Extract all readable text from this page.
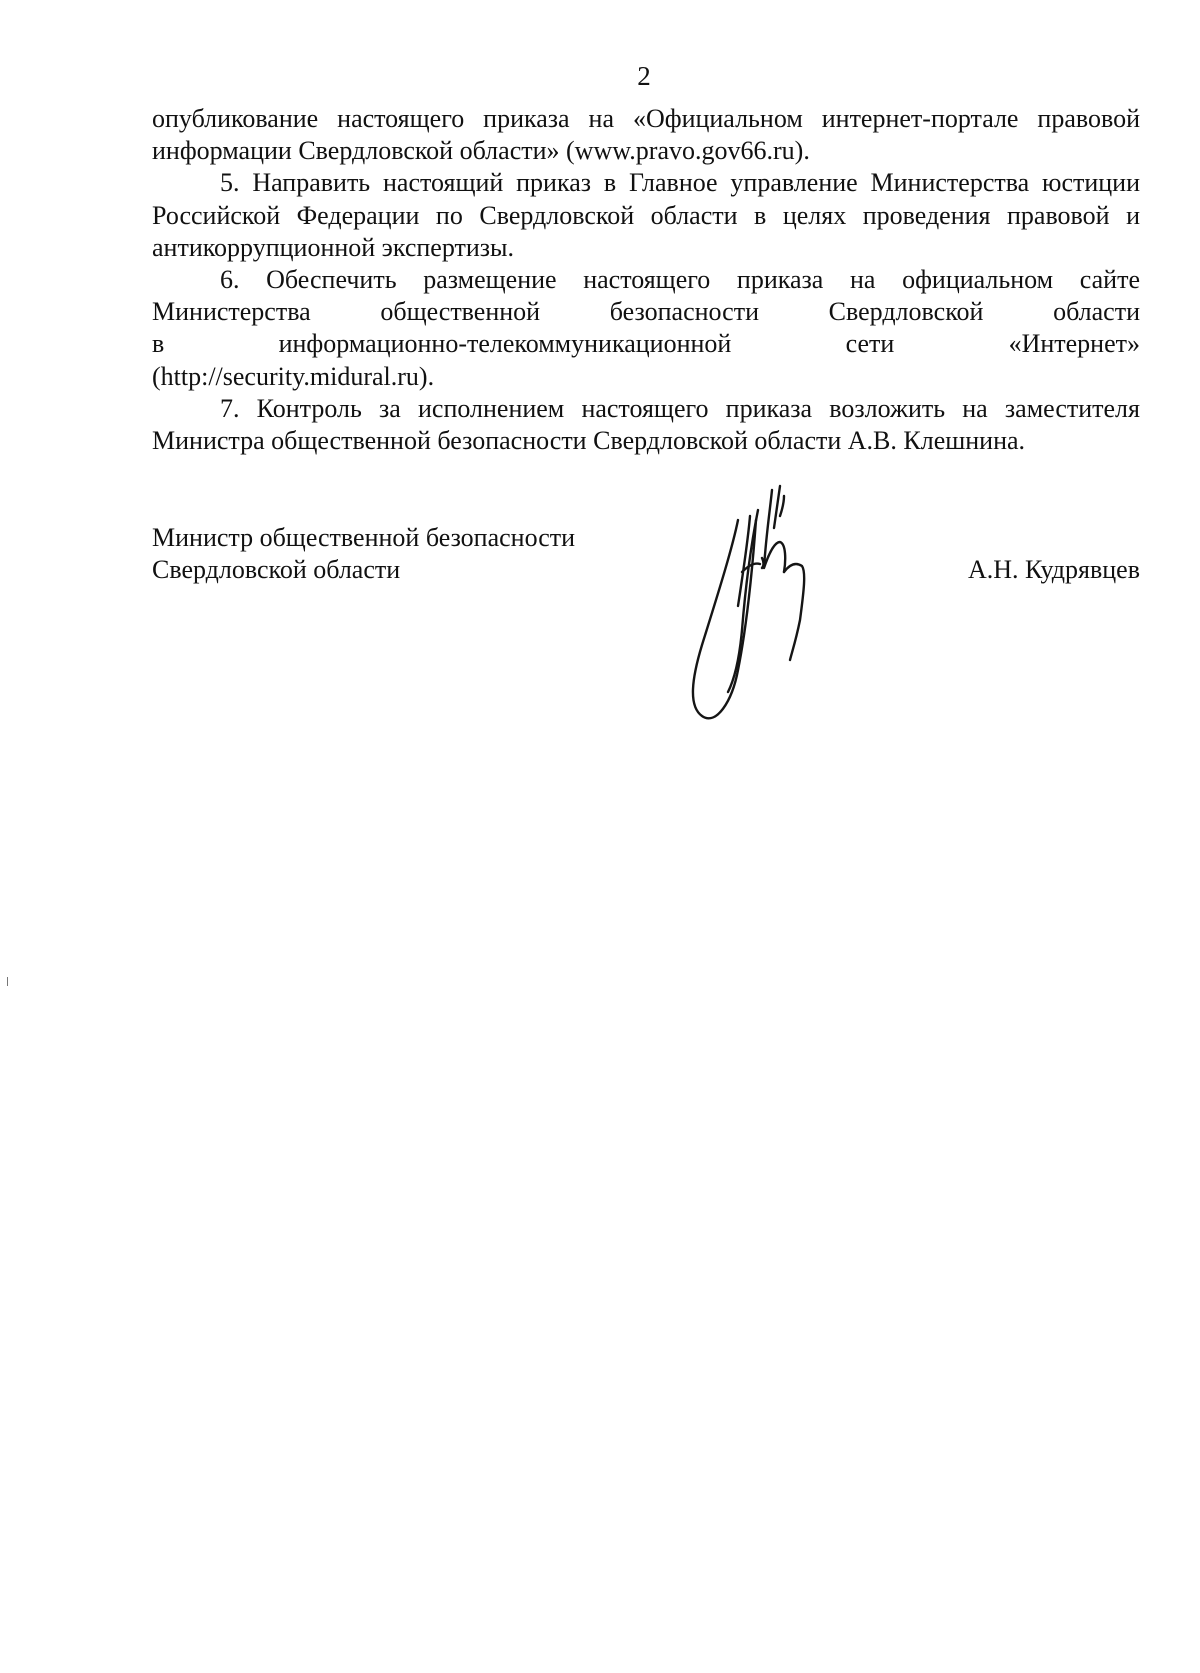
2

опубликование настоящего приказа на «Официальном интернет-портале правовой информации Свердловской области» (www.pravo.gov66.ru).

5. Направить настоящий приказ в Главное управление Министерства юстиции Российской Федерации по Свердловской области в целях проведения правовой и антикоррупционной экспертизы.

6. Обеспечить размещение настоящего приказа на официальном сайте Министерства общественной безопасности Свердловской области

в информационно-телекоммуникационной сети «Интернет»

(http://security.midural.ru).

7. Контроль за исполнением настоящего приказа возложить на заместителя Министра общественной безопасности Свердловской области А.В. Клешнина.

Министр общественной безопасности
Свердловской области	А.Н. Кудрявцев
